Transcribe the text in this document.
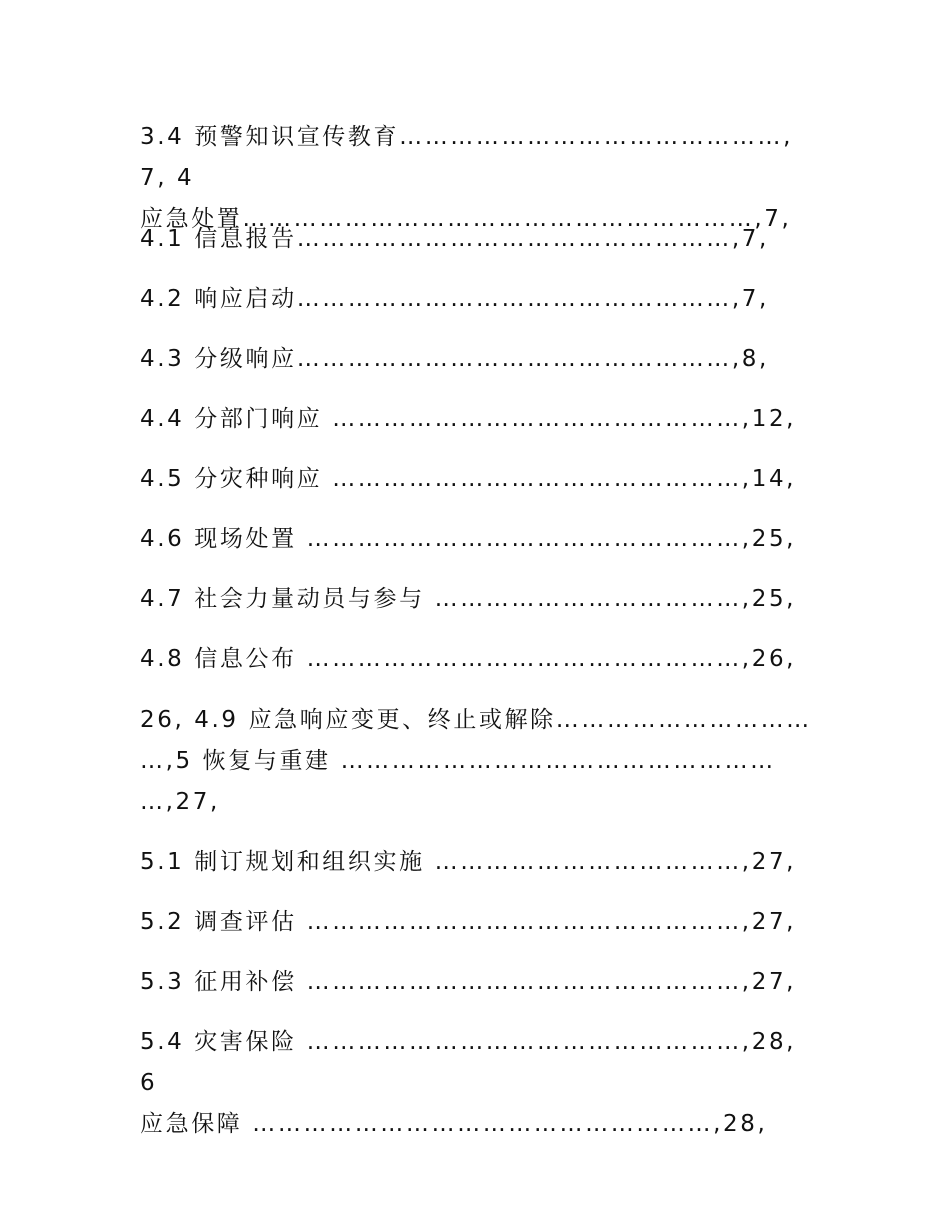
3.4 预警知识宣传教育………………………………………,7, 4
应急处置……………………………………………………,7,

4.1 信息报告……………………………………………,7,

4.2 响应启动……………………………………………,7,

4.3 分级响应……………………………………………,8,

4.4 分部门响应 …………………………………………,12,

4.5 分灾种响应 …………………………………………,14,

4.6 现场处置 ……………………………………………,25,

4.7 社会力量动员与参与 ………………………………,25,

4.8 信息公布 ……………………………………………,26,

26, 4.9 应急响应变更、终止或解除…………………………
…,5 恢复与重建 ……………………………………………
…,27,

5.1 制订规划和组织实施 ………………………………,27,

5.2 调查评估 ……………………………………………,27,

5.3 征用补偿 ……………………………………………,27,

5.4 灾害保险 ……………………………………………,28, 6
应急保障 ………………………………………………,28,
